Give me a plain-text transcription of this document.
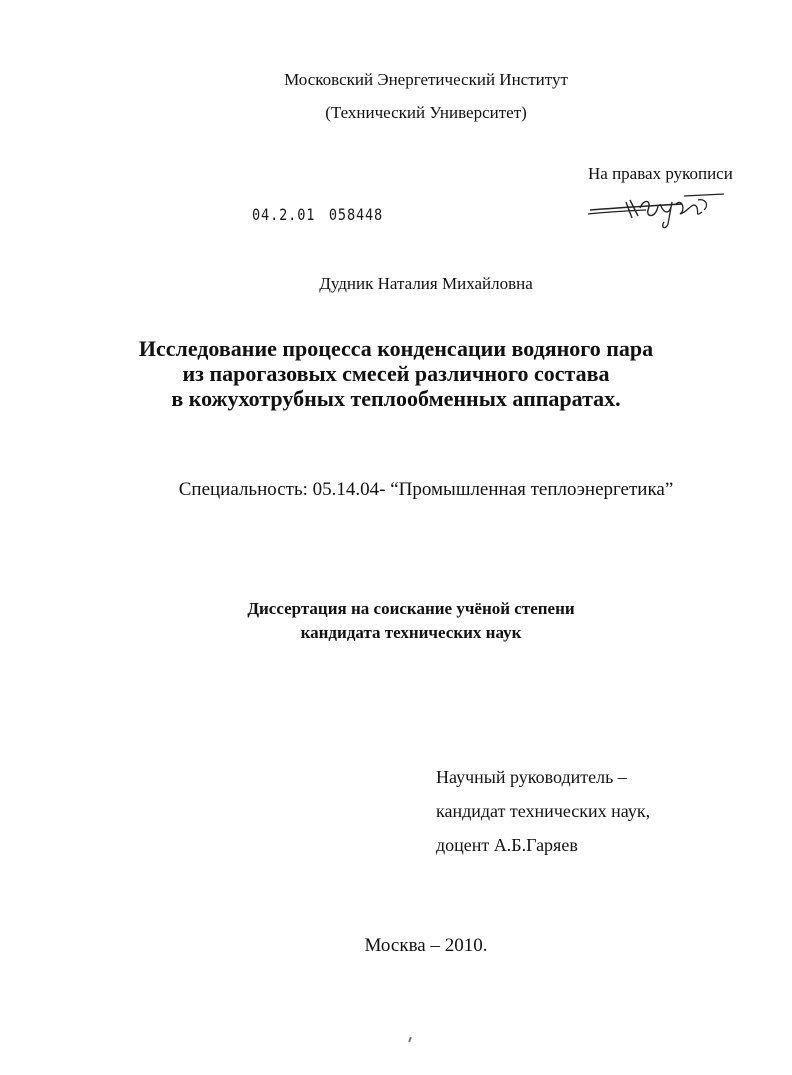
Московский Энергетический Институт
(Технический Университет)
На правах рукописи
04.2.01 058448
Дудник Наталия Михайловна
Исследование процесса конденсации водяного пара
из парогазовых смесей различного состава
в кожухотрубных теплообменных аппаратах.
Специальность: 05.14.04- “Промышленная теплоэнергетика”
Диссертация на соискание учёной степени
кандидата технических наук
Научный руководитель –
кандидат технических наук,
доцент А.Б.Гаряев
Москва – 2010.
